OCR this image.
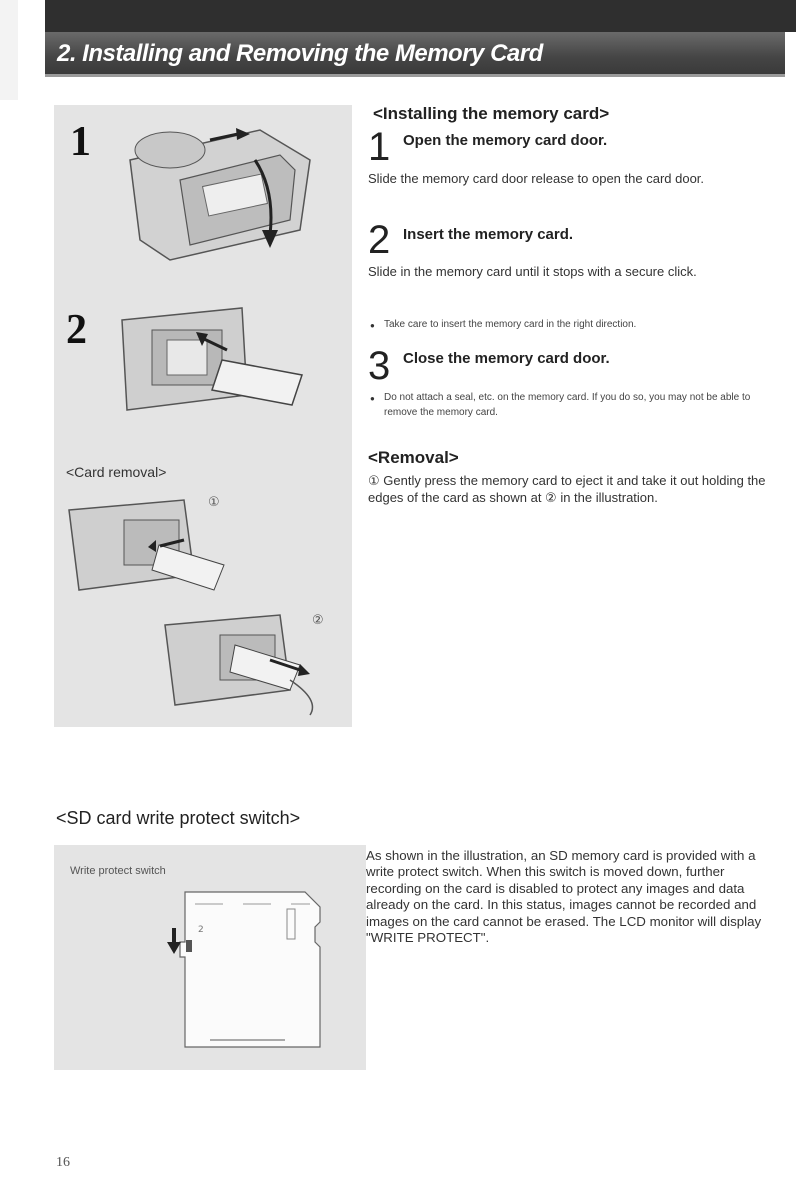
2. Installing and Removing the Memory Card
1
2
<Card removal>
①
②
<Installing the memory card>
1 Open the memory card door.
Slide the memory card door release to open the card door.
2 Insert the memory card.
Slide in the memory card until it stops with a secure click.
● Take care to insert the memory card in the right direction.
3 Close the memory card door.
● Do not attach a seal, etc. on the memory card. If you do so, you may not be able to remove the memory card.
<Removal>
① Gently press the memory card to eject it and take it out holding the edges of the card as shown at ② in the illustration.
<SD card write protect switch>
Write protect switch
2
As shown in the illustration, an SD memory card is provided with a write protect switch. When this switch is moved down, further recording on the card is disabled to protect any images and data already on the card. In this status, images cannot be recorded and images on the card cannot be erased. The LCD monitor will display "WRITE PROTECT".
16
